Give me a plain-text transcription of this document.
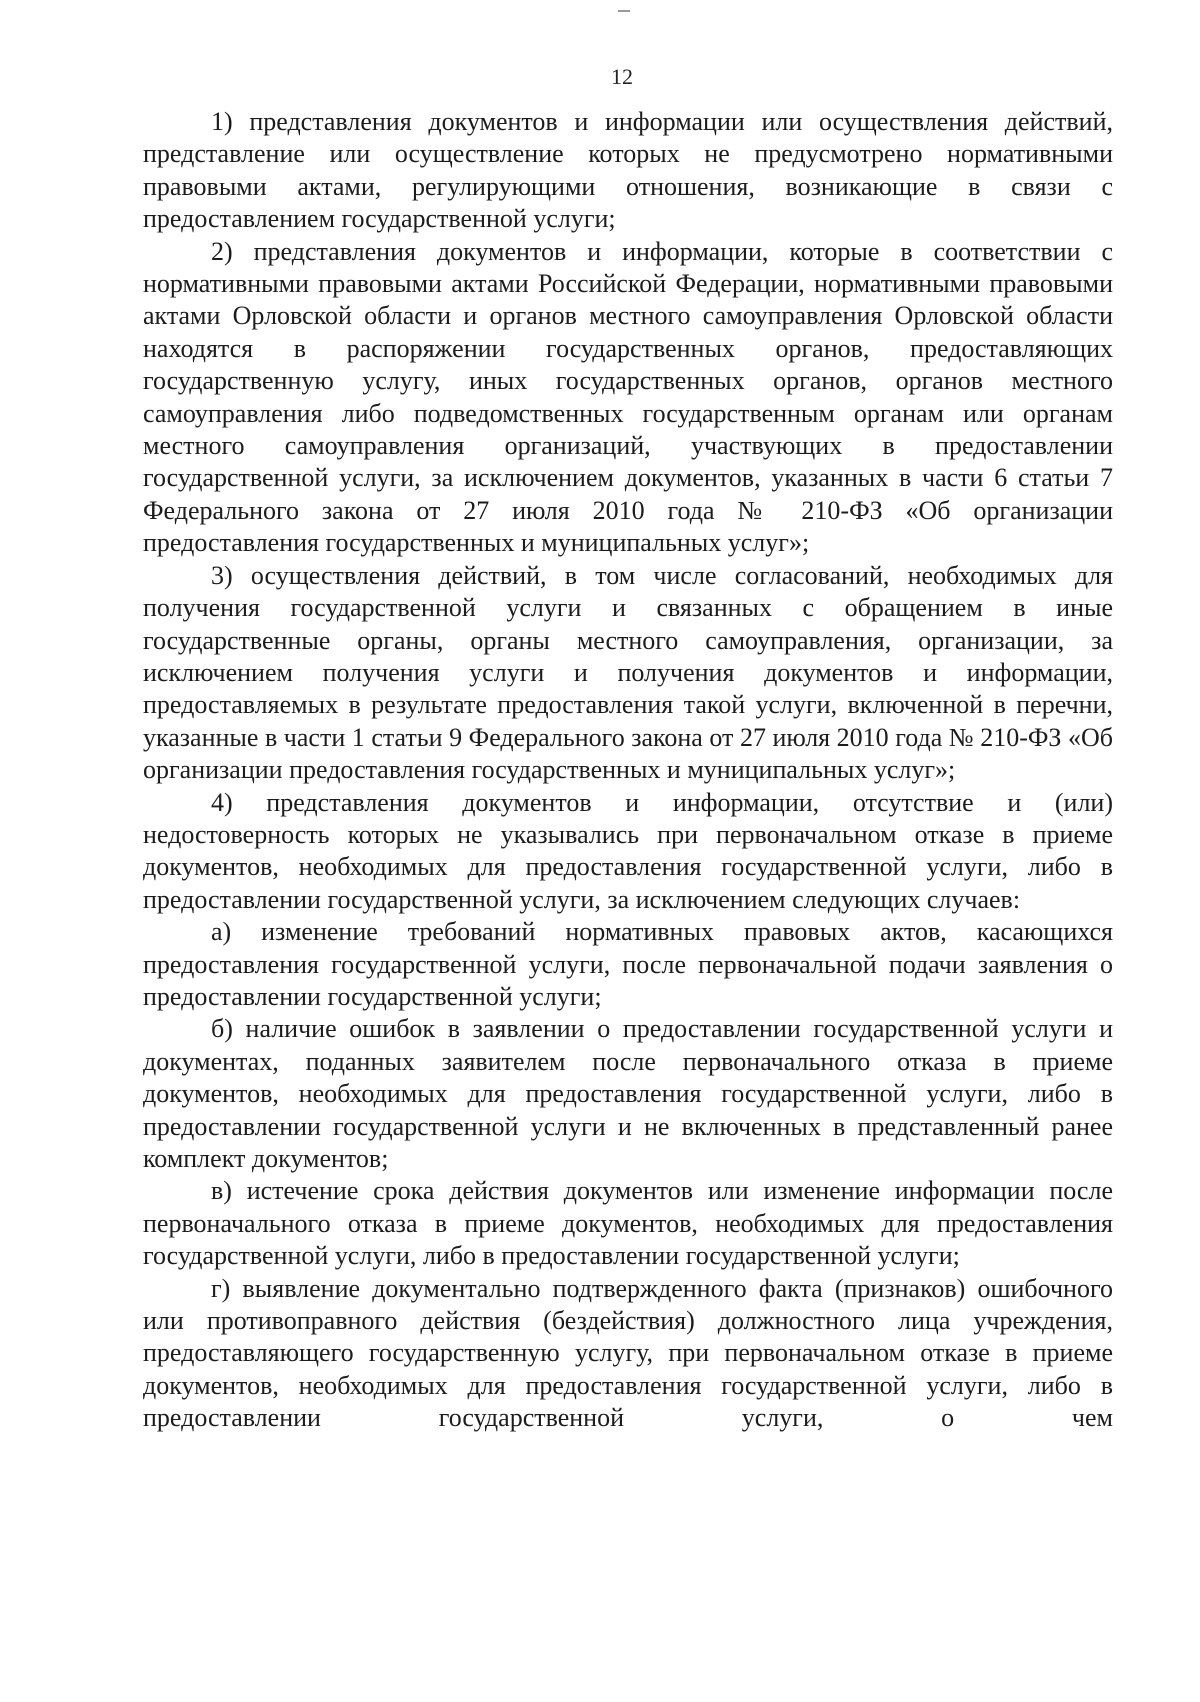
12

1) представления документов и информации или осуществления действий, представление или осуществление которых не предусмотрено нормативными правовыми актами, регулирующими отношения, возникающие в связи с предоставлением государственной услуги;

2) представления документов и информации, которые в соответствии с нормативными правовыми актами Российской Федерации, нормативными правовыми актами Орловской области и органов местного самоуправления Орловской области находятся в распоряжении государственных органов, предоставляющих государственную услугу, иных государственных органов, органов местного самоуправления либо подведомственных государственным органам или органам местного самоуправления организаций, участвующих в предоставлении государственной услуги, за исключением документов, указанных в части 6 статьи 7 Федерального закона от 27 июля 2010 года № 210-ФЗ «Об организации предоставления государственных и муниципальных услуг»;

3) осуществления действий, в том числе согласований, необходимых для получения государственной услуги и связанных с обращением в иные государственные органы, органы местного самоуправления, организации, за исключением получения услуги и получения документов и информации, предоставляемых в результате предоставления такой услуги, включенной в перечни, указанные в части 1 статьи 9 Федерального закона от 27 июля 2010 года № 210-ФЗ «Об организации предоставления государственных и муниципальных услуг»;

4) представления документов и информации, отсутствие и (или) недостоверность которых не указывались при первоначальном отказе в приеме документов, необходимых для предоставления государственной услуги, либо в предоставлении государственной услуги, за исключением следующих случаев:

а) изменение требований нормативных правовых актов, касающихся предоставления государственной услуги, после первоначальной подачи заявления о предоставлении государственной услуги;

б) наличие ошибок в заявлении о предоставлении государственной услуги и документах, поданных заявителем после первоначального отказа в приеме документов, необходимых для предоставления государственной услуги, либо в предоставлении государственной услуги и не включенных в представленный ранее комплект документов;

в) истечение срока действия документов или изменение информации после первоначального отказа в приеме документов, необходимых для предоставления государственной услуги, либо в предоставлении государственной услуги;

г) выявление документально подтвержденного факта (признаков) ошибочного или противоправного действия (бездействия) должностного лица учреждения, предоставляющего государственную услугу, при первоначальном отказе в приеме документов, необходимых для предоставления государственной услуги, либо в предоставлении государственной услуги, о чем
